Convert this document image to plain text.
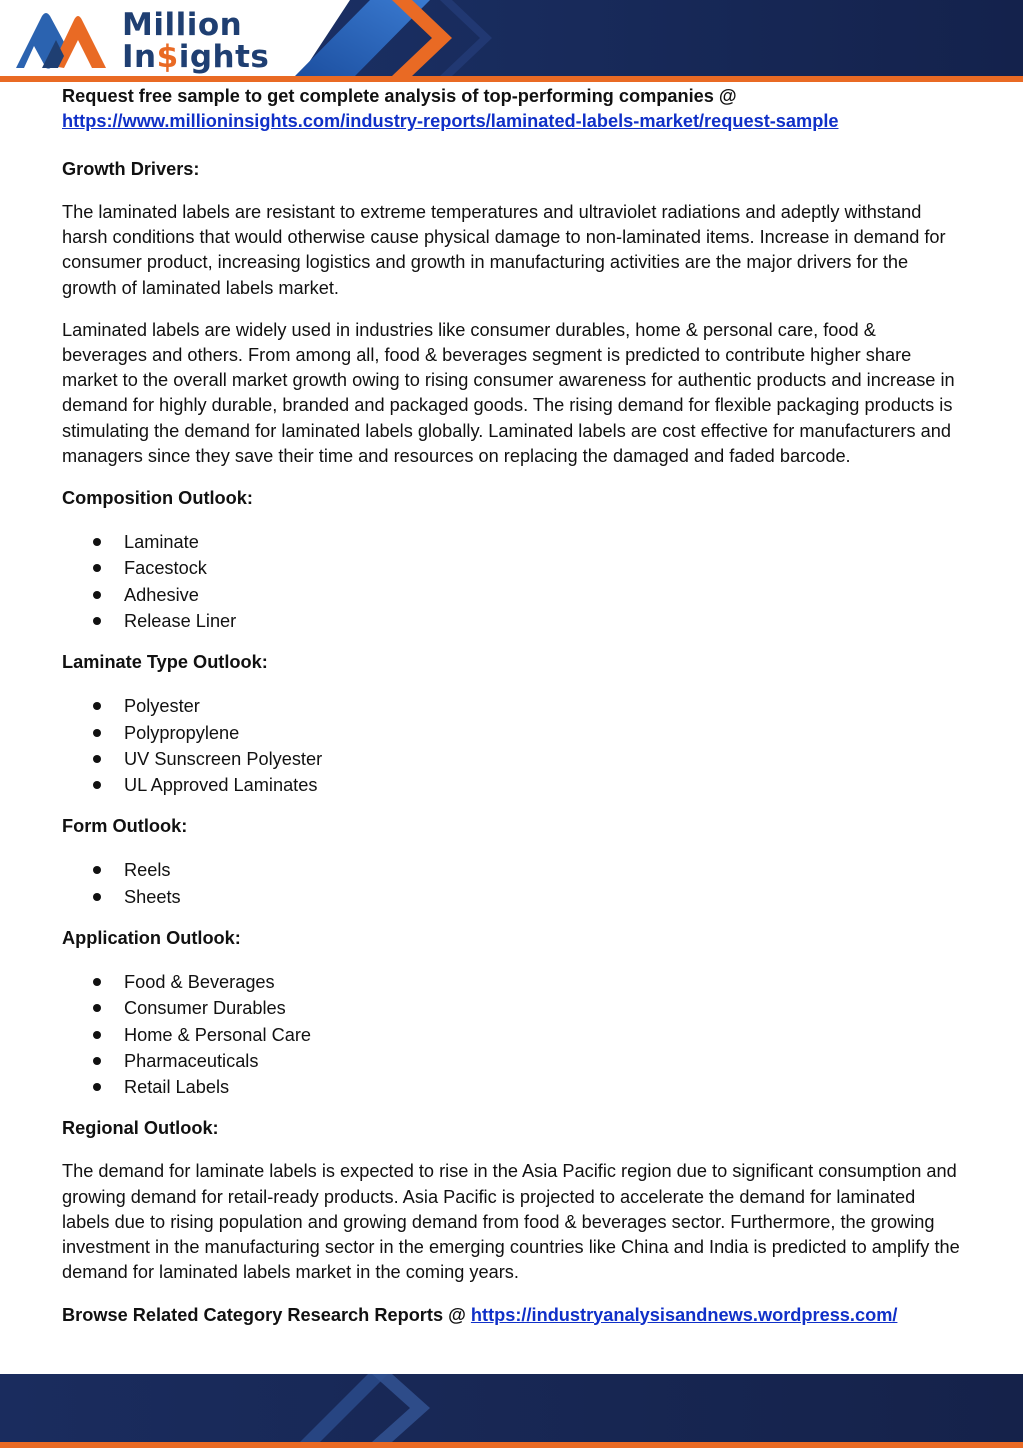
Million
In$ights

Request free sample to get complete analysis of top-performing companies @

https://www.millioninsights.com/industry-reports/laminated-labels-market/request-sample

Growth Drivers:

The laminated labels are resistant to extreme temperatures and ultraviolet radiations and adeptly withstand harsh conditions that would otherwise cause physical damage to non-laminated items. Increase in demand for consumer product, increasing logistics and growth in manufacturing activities are the major drivers for the growth of laminated labels market.

Laminated labels are widely used in industries like consumer durables, home & personal care, food & beverages and others. From among all, food & beverages segment is predicted to contribute higher share market to the overall market growth owing to rising consumer awareness for authentic products and increase in demand for highly durable, branded and packaged goods. The rising demand for flexible packaging products is stimulating the demand for laminated labels globally. Laminated labels are cost effective for manufacturers and managers since they save their time and resources on replacing the damaged and faded barcode.

Composition Outlook:
Laminate
Facestock
Adhesive
Release Liner
Laminate Type Outlook:
Polyester
Polypropylene
UV Sunscreen Polyester
UL Approved Laminates
Form Outlook:
Reels
Sheets
Application Outlook:
Food & Beverages
Consumer Durables
Home & Personal Care
Pharmaceuticals
Retail Labels
Regional Outlook:

The demand for laminate labels is expected to rise in the Asia Pacific region due to significant consumption and growing demand for retail-ready products. Asia Pacific is projected to accelerate the demand for laminated labels due to rising population and growing demand from food & beverages sector. Furthermore, the growing investment in the manufacturing sector in the emerging countries like China and India is predicted to amplify the demand for laminated labels market in the coming years.

Browse Related Category Research Reports @ https://industryanalysisandnews.wordpress.com/
